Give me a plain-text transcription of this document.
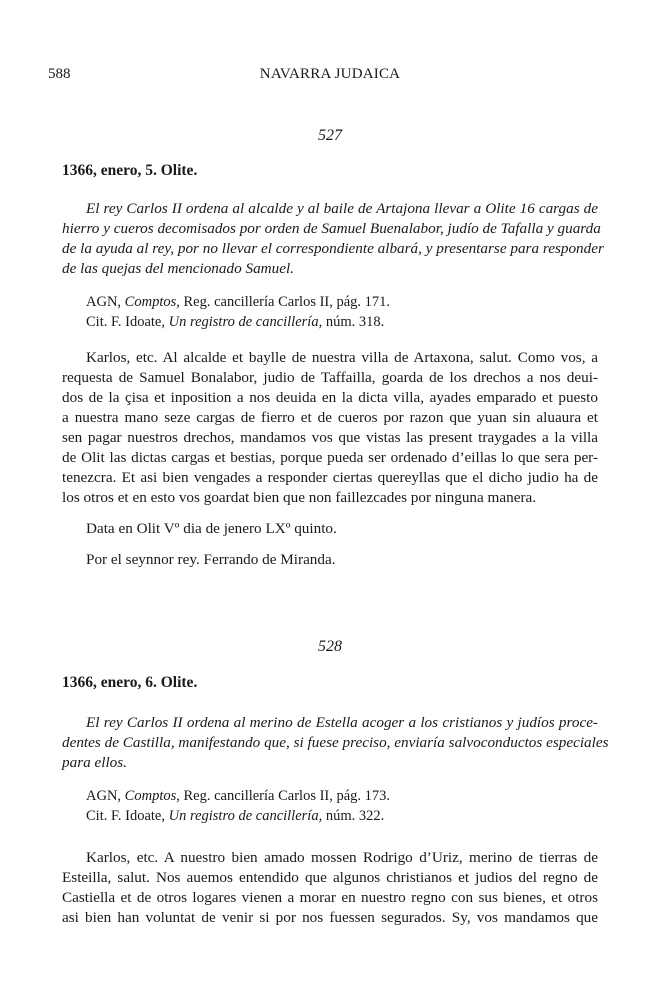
588	NAVARRA JUDAICA
527
1366, enero, 5. Olite.
El rey Carlos II ordena al alcalde y al baile de Artajona llevar a Olite 16 cargas de
hierro y cueros decomisados por orden de Samuel Buenalabor, judío de Tafalla y guarda
de la ayuda al rey, por no llevar el correspondiente albará, y presentarse para responder
de las quejas del mencionado Samuel.
AGN, Comptos, Reg. cancillería Carlos II, pág. 171.
Cit. F. Idoate, Un registro de cancillería, núm. 318.
Karlos, etc. Al alcalde et baylle de nuestra villa de Artaxona, salut. Como vos, a
requesta de Samuel Bonalabor, judio de Taffailla, goarda de los drechos a nos deui-
dos de la çisa et inposition a nos deuida en la dicta villa, ayades emparado et puesto
a nuestra mano seze cargas de fierro et de cueros por razon que yuan sin aluaura et
sen pagar nuestros drechos, mandamos vos que vistas las present traygades a la villa
de Olit las dictas cargas et bestias, porque pueda ser ordenado d’eillas lo que sera per-
tenezcra. Et asi bien vengades a responder ciertas quereyllas que el dicho judio ha de
los otros et en esto vos goardat bien que non faillezcades por ninguna manera.
Data en Olit Vº dia de jenero LXº quinto.
Por el seynnor rey. Ferrando de Miranda.
528
1366, enero, 6. Olite.
El rey Carlos II ordena al merino de Estella acoger a los cristianos y judíos proce-
dentes de Castilla, manifestando que, si fuese preciso, enviaría salvoconductos especiales
para ellos.
AGN, Comptos, Reg. cancillería Carlos II, pág. 173.
Cit. F. Idoate, Un registro de cancillería, núm. 322.
Karlos, etc. A nuestro bien amado mossen Rodrigo d’Uriz, merino de tierras de
Esteilla, salut. Nos auemos entendido que algunos christianos et judios del regno de
Castiella et de otros logares vienen a morar en nuestro regno con sus bienes, et otros
asi bien han voluntat de venir si por nos fuessen segurados. Sy, vos mandamos que
